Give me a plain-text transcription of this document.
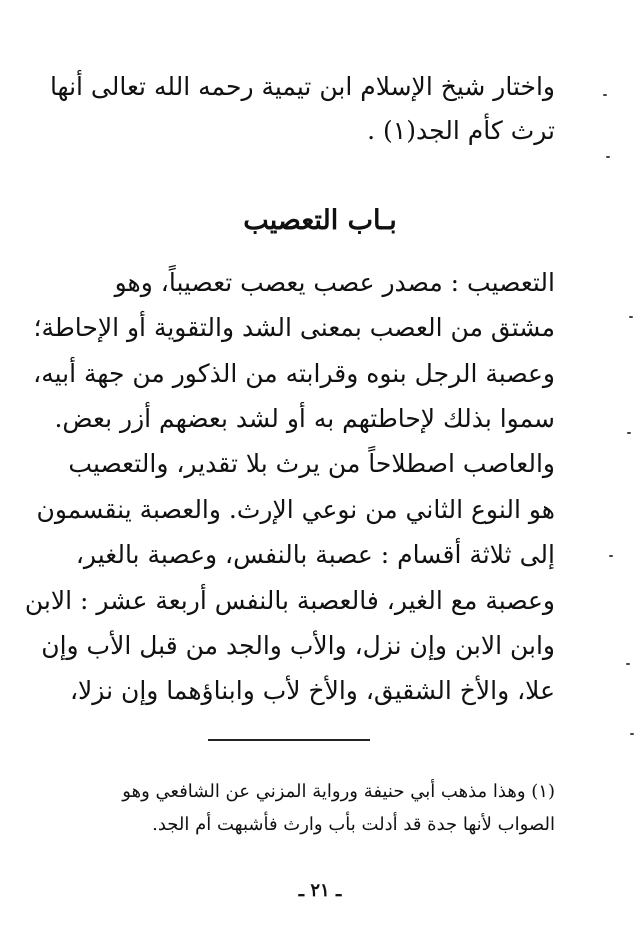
واختار شيخ الإسلام ابن تيمية رحمه الله تعالى أنها
ترث كأم الجد(١) .
بـاب التعصيب
التعصيب : مصدر عصب يعصب تعصيباً، وهو
مشتق من العصب بمعنى الشد والتقوية أو الإحاطة؛
وعصبة الرجل بنوه وقرابته من الذكور من جهة أبيه،
سموا بذلك لإحاطتهم به أو لشد بعضهم أزر بعض.
والعاصب اصطلاحاً من يرث بلا تقدير، والتعصيب
هو النوع الثاني من نوعي الإرث. والعصبة ينقسمون
إلى ثلاثة أقسام : عصبة بالنفس، وعصبة بالغير،
وعصبة مع الغير، فالعصبة بالنفس أربعة عشر : الابن
وابن الابن وإن نزل، والأب والجد من قبل الأب وإن
علا، والأخ الشقيق، والأخ لأب وابناؤهما وإن نزلا،
(١) وهذا مذهب أبي حنيفة ورواية المزني عن الشافعي وهو
الصواب لأنها جدة قد أدلت بأب وارث فأشبهت أم الجد.
ـ ٢١ ـ
